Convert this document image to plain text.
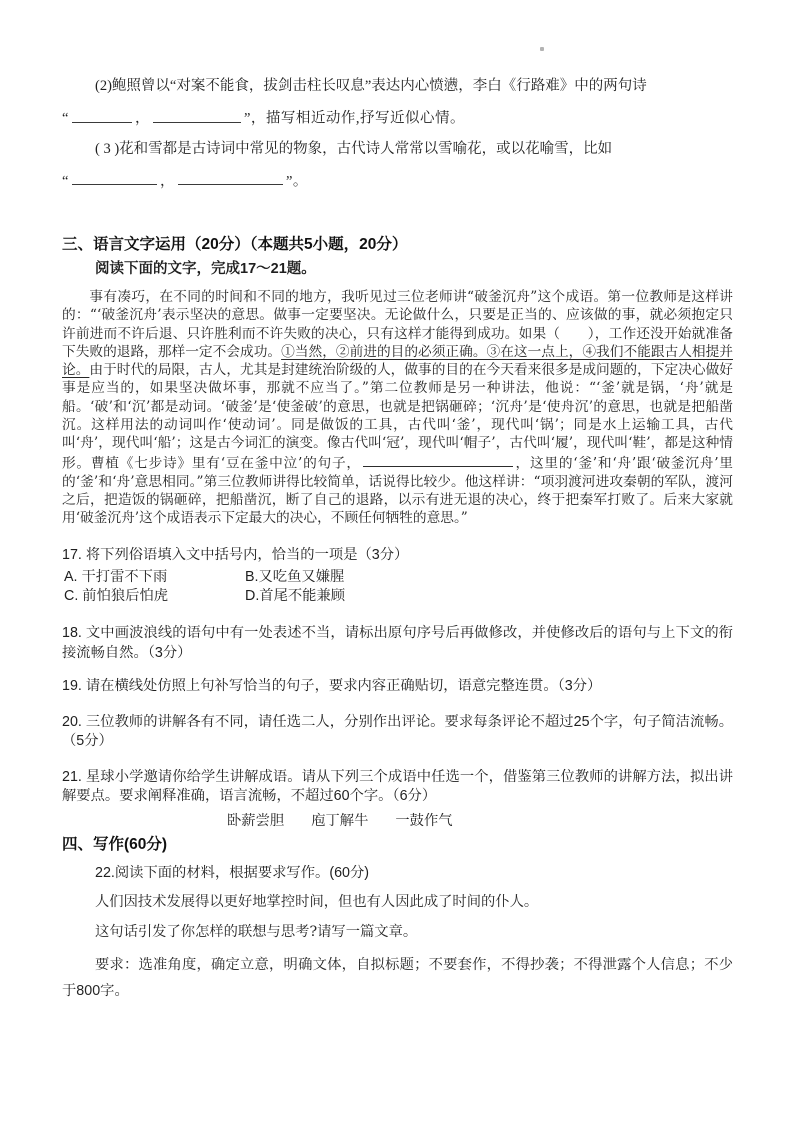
(2)鲍照曾以“对案不能食，拔剑击柱长叹息”表达内心愤懑，李白《行路难》中的两句诗

“	，	”，描写相近动作,抒写近似心情。

( 3 )花和雪都是古诗词中常见的物象，古代诗人常常以雪喻花，或以花喻雪，比如

“	，	”。

三、语言文字运用（20分）（本题共5小题，20分）

阅读下面的文字，完成17～21题。

事有凑巧，在不同的时间和不同的地方，我听见过三位老师讲“破釜沉舟”这个成语。第一位教师是这样讲的：“‘破釜沉舟’表示坚决的意思。做事一定要坚决。无论做什么，只要是正当的、应该做的事，就必须抱定只许前进而不许后退、只许胜利而不许失败的决心，只有这样才能得到成功。如果（　　），工作还没开始就准备下失败的退路，那样一定不会成功。①当然，②前进的目的必须正确。③在这一点上，④我们不能跟古人相提并论。由于时代的局限，古人，尤其是封建统治阶级的人，做事的目的在今天看来很多是成问题的，下定决心做好事是应当的，如果坚决做坏事，那就不应当了。”第二位教师是另一种讲法，他说：“‘釜’就是锅，‘舟’就是船。‘破’和‘沉’都是动词。‘破釜’是‘使釜破’的意思，也就是把锅砸碎；‘沉舟’是‘使舟沉’的意思，也就是把船凿沉。这样用法的动词叫作‘使动词’。同是做饭的工具，古代叫‘釜’，现代叫‘锅’；同是水上运输工具，古代叫‘舟’，现代叫‘船’；这是古今词汇的演变。像古代叫‘冠’，现代叫‘帽子’，古代叫‘履’，现代叫‘鞋’，都是这种情形。曹植《七步诗》里有‘豆在釜中泣’的句子，	，这里的‘釜’和‘舟’跟‘破釜沉舟’里的‘釜’和‘舟’意思相同。”第三位教师讲得比较简单，话说得比较少。他这样讲：“项羽渡河进攻秦朝的军队，渡河之后，把造饭的锅砸碎，把船凿沉，断了自己的退路，以示有进无退的决心，终于把秦军打败了。后来大家就用‘破釜沉舟’这个成语表示下定最大的决心，不顾任何牺牲的意思。”

17. 将下列俗语填入文中括号内，恰当的一项是（3分）

A. 干打雷不下雨	B.又吃鱼又嫌腥
C. 前怕狼后怕虎	D.首尾不能兼顾

18. 文中画波浪线的语句中有一处表述不当，请标出原句序号后再做修改，并使修改后的语句与上下文的衔接流畅自然。（3分）

19. 请在横线处仿照上句补写恰当的句子，要求内容正确贴切，语意完整连贯。（3分）

20. 三位教师的讲解各有不同，请任选二人，分别作出评论。要求每条评论不超过25个字，句子简洁流畅。（5分）

21. 星球小学邀请你给学生讲解成语。请从下列三个成语中任选一个，借鉴第三位教师的讲解方法，拟出讲解要点。要求阐释准确，语言流畅，不超过60个字。（6分）

卧薪尝胆 庖丁解牛 一鼓作气
四、写作(60分)

22.阅读下面的材料，根据要求写作。(60分)

人们因技术发展得以更好地掌控时间，但也有人因此成了时间的仆人。

这句话引发了你怎样的联想与思考?请写一篇文章。

要求：选准角度，确定立意，明确文体，自拟标题；不要套作，不得抄袭；不得泄露个人信息；不少于800字。
